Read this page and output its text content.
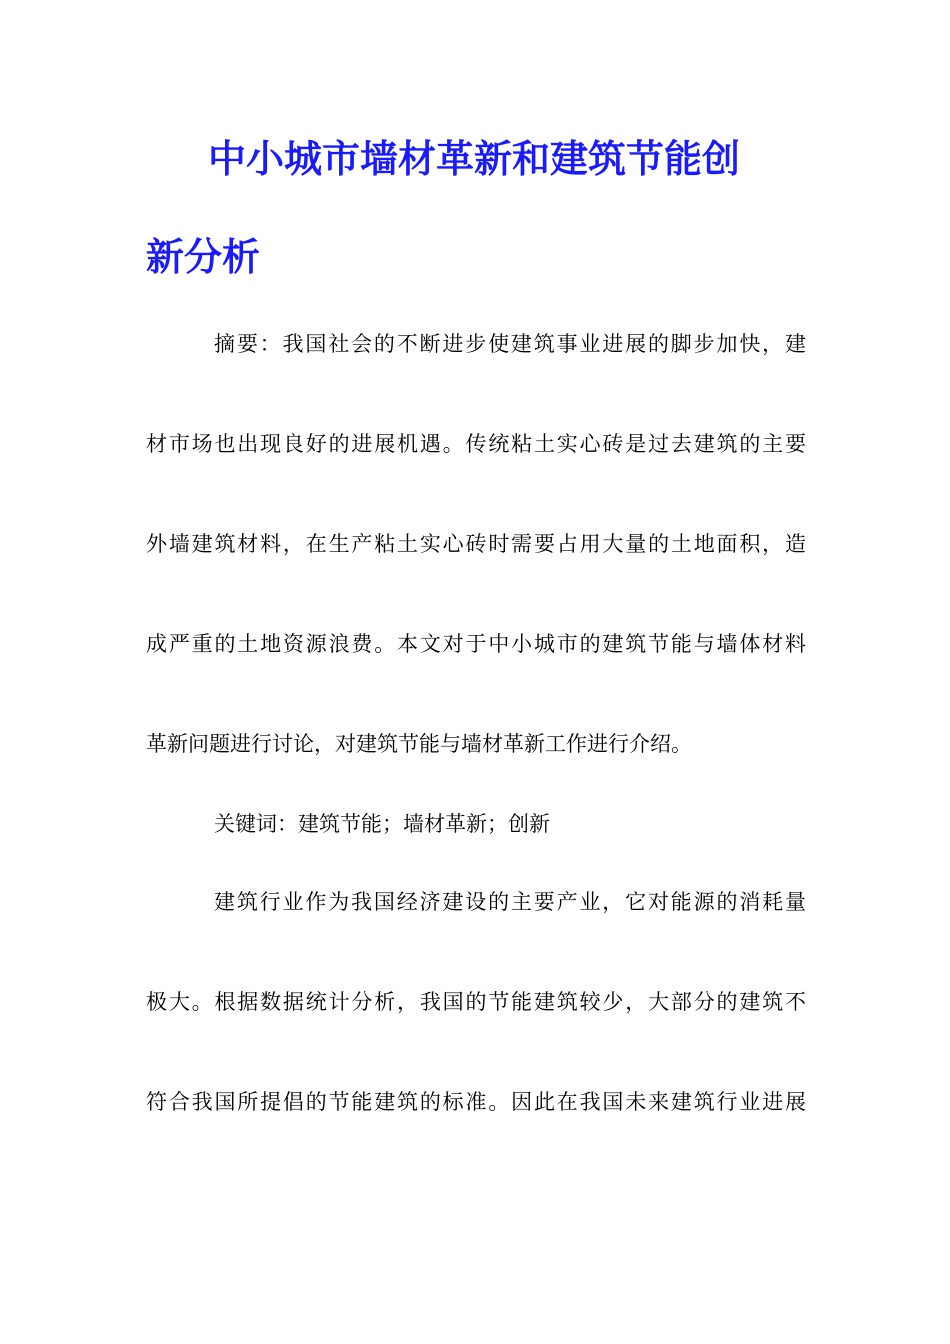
中小城市墙材革新和建筑节能创
新分析
摘要：我国社会的不断进步使建筑事业进展的脚步加快，建
材市场也出现良好的进展机遇。传统粘土实心砖是过去建筑的主要
外墙建筑材料，在生产粘土实心砖时需要占用大量的土地面积，造
成严重的土地资源浪费。本文对于中小城市的建筑节能与墙体材料
革新问题进行讨论，对建筑节能与墙材革新工作进行介绍。
关键词：建筑节能；墙材革新；创新
建筑行业作为我国经济建设的主要产业，它对能源的消耗量
极大。根据数据统计分析，我国的节能建筑较少，大部分的建筑不
符合我国所提倡的节能建筑的标准。因此在我国未来建筑行业进展
